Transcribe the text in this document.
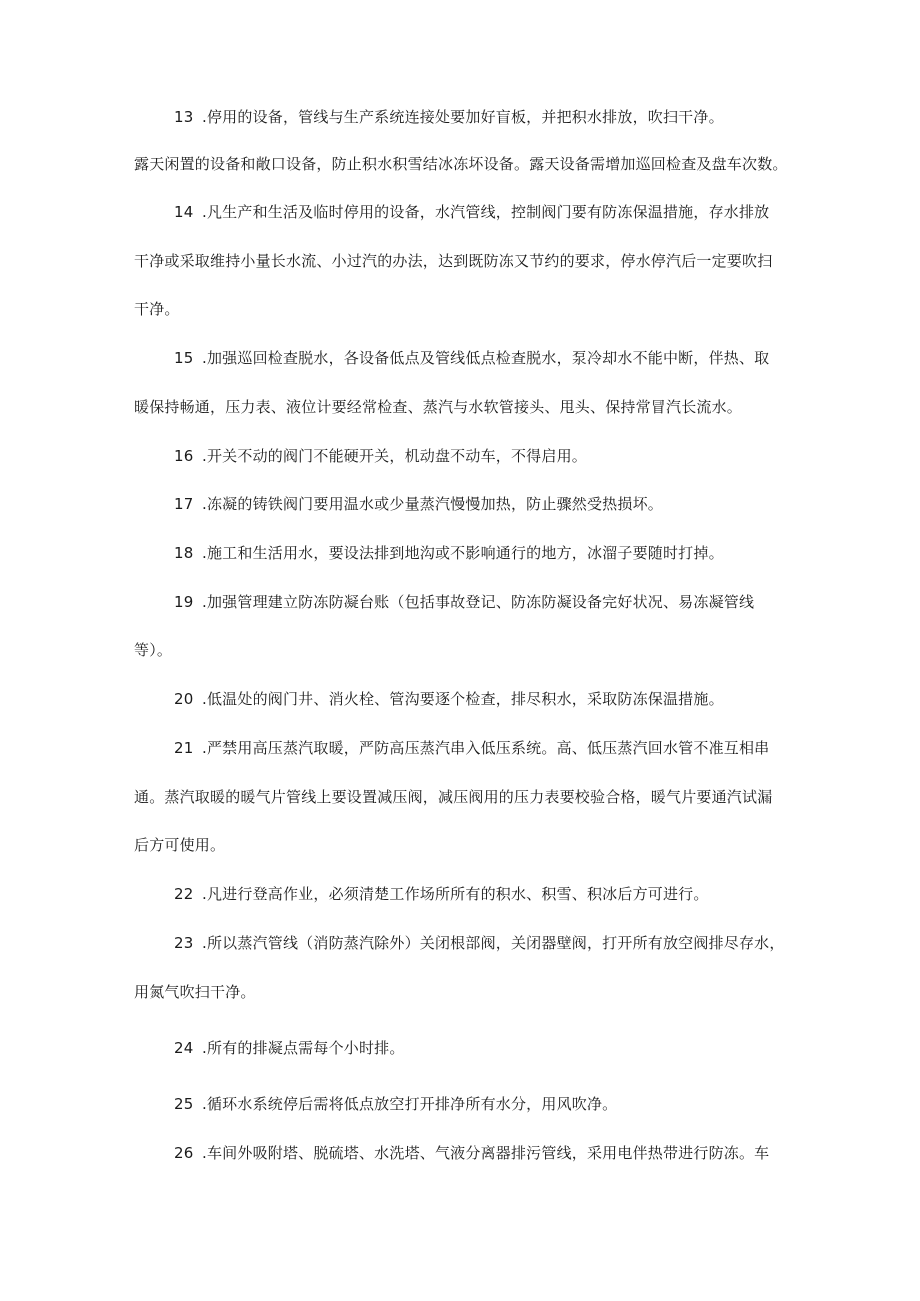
13 .停用的设备，管线与生产系统连接处要加好盲板，并把积水排放，吹扫干净。
露天闲置的设备和敞口设备，防止积水积雪结冰冻坏设备。露天设备需增加巡回检查及盘车次数。
14 .凡生产和生活及临时停用的设备，水汽管线，控制阀门要有防冻保温措施，存水排放
干净或采取维持小量长水流、小过汽的办法，达到既防冻又节约的要求，停水停汽后一定要吹扫
干净。
15 .加强巡回检查脱水，各设备低点及管线低点检查脱水，泵冷却水不能中断，伴热、取
暖保持畅通，压力表、液位计要经常检查、蒸汽与水软管接头、甩头、保持常冒汽长流水。
16 .开关不动的阀门不能硬开关，机动盘不动车，不得启用。
17 .冻凝的铸铁阀门要用温水或少量蒸汽慢慢加热，防止骤然受热损坏。
18 .施工和生活用水，要设法排到地沟或不影响通行的地方，冰溜子要随时打掉。
19 .加强管理建立防冻防凝台账（包括事故登记、防冻防凝设备完好状况、易冻凝管线
等）。
20 .低温处的阀门井、消火栓、管沟要逐个检查，排尽积水，采取防冻保温措施。
21 .严禁用高压蒸汽取暖，严防高压蒸汽串入低压系统。高、低压蒸汽回水管不准互相串
通。蒸汽取暖的暖气片管线上要设置减压阀，减压阀用的压力表要校验合格，暖气片要通汽试漏
后方可使用。
22 .凡进行登高作业，必须清楚工作场所所有的积水、积雪、积冰后方可进行。
23 .所以蒸汽管线（消防蒸汽除外）关闭根部阀，关闭器壁阀，打开所有放空阀排尽存水，
用氮气吹扫干净。
24 .所有的排凝点需每个小时排。
25 .循环水系统停后需将低点放空打开排净所有水分，用风吹净。
26 .车间外吸附塔、脱硫塔、水洗塔、气液分离器排污管线，采用电伴热带进行防冻。车
